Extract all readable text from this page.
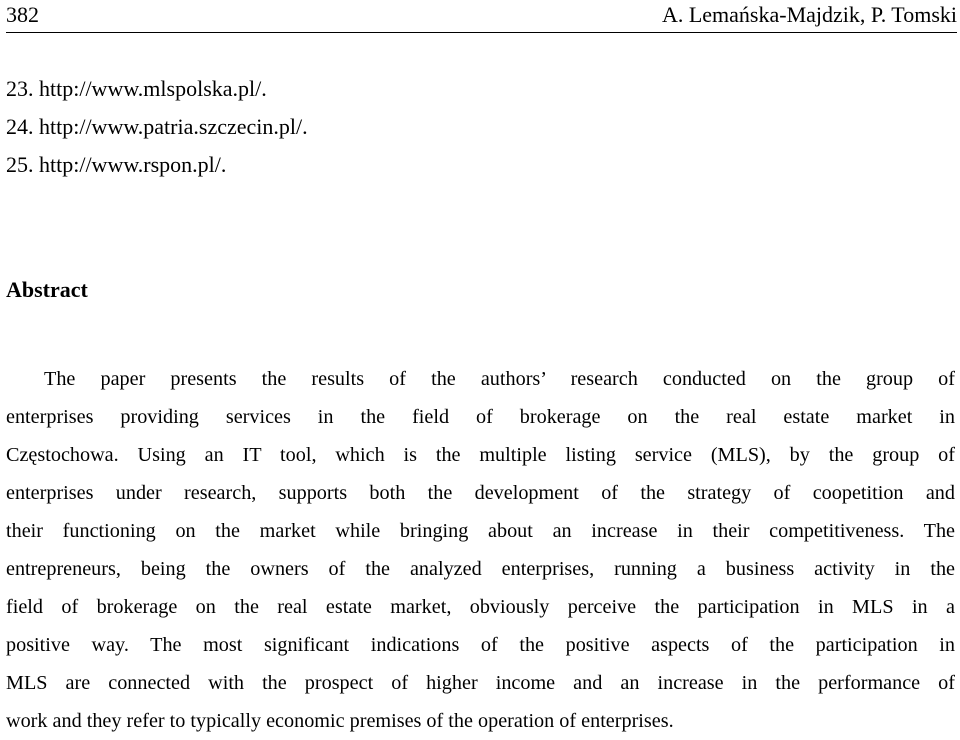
382	A. Lemańska-Majdzik, P. Tomski
23. http://www.mlspolska.pl/.
24. http://www.patria.szczecin.pl/.
25. http://www.rspon.pl/.
Abstract
The paper presents the results of the authors’ research conducted on the group of
enterprises providing services in the field of brokerage on the real estate market in
Częstochowa. Using an IT tool, which is the multiple listing service (MLS), by the group of
enterprises under research, supports both the development of the strategy of coopetition and
their functioning on the market while bringing about an increase in their competitiveness. The
entrepreneurs, being the owners of the analyzed enterprises, running a business activity in the
field of brokerage on the real estate market, obviously perceive the participation in MLS in a
positive way. The most significant indications of the positive aspects of the participation in
MLS are connected with the prospect of higher income and an increase in the performance of
work and they refer to typically economic premises of the operation of enterprises.
